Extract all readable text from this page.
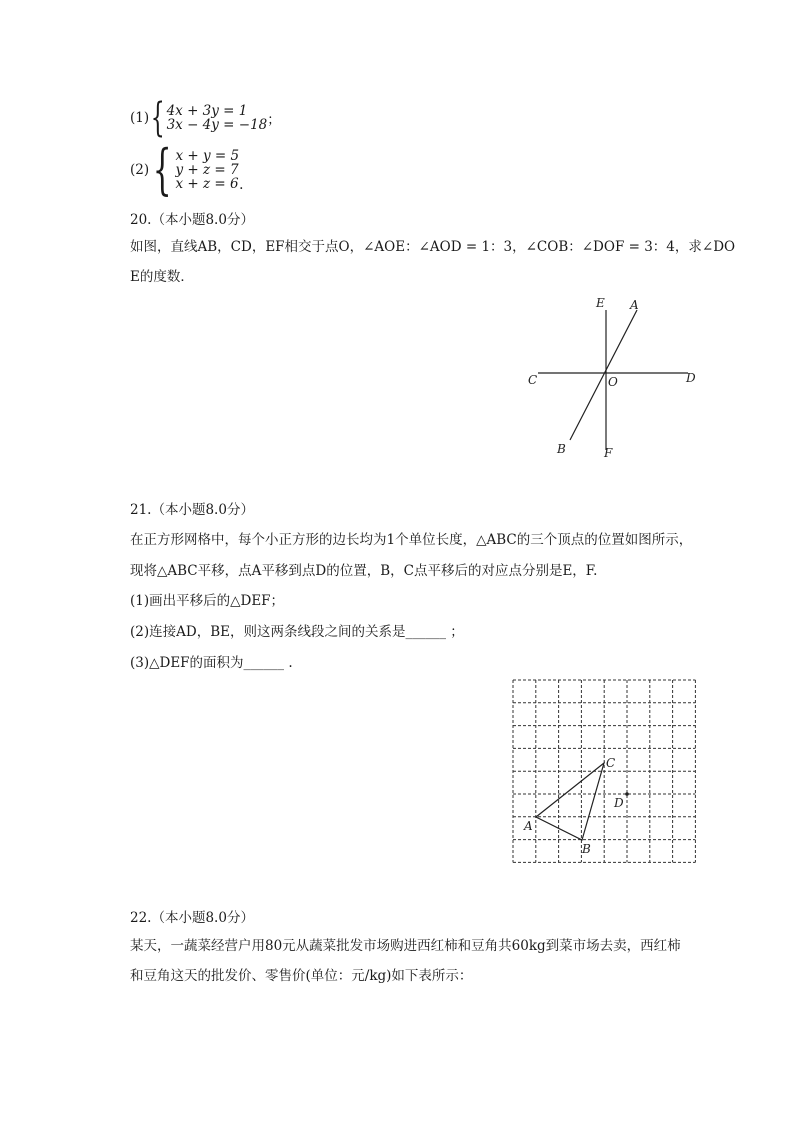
(1) { 4x + 3y = 1
3x − 4y = −18 ；
(2) { x + y = 5
y + z = 7
x + z = 6 .
20.（本小题8.0分）
如图，直线AB，CD，EF相交于点O，∠AOE：∠AOD = 1：3，∠COB：∠DOF = 3：4，求∠DO
E的度数．
E A
C	O	D
B	F
21.（本小题8.0分）
在正方形网格中，每个小正方形的边长均为1个单位长度，△ABC的三个顶点的位置如图所示，
现将△ABC平移，点A平移到点D的位置，B，C点平移后的对应点分别是E，F.
(1)画出平移后的△DEF；
(2)连接AD，BE，则这两条线段之间的关系是______ ；
(3)△DEF的面积为______ .
A
B
C
D
22.（本小题8.0分）
某天，一蔬菜经营户用80元从蔬菜批发市场购进西红柿和豆角共60kg到菜市场去卖，西红柿
和豆角这天的批发价、零售价(单位：元/kg)如下表所示：
